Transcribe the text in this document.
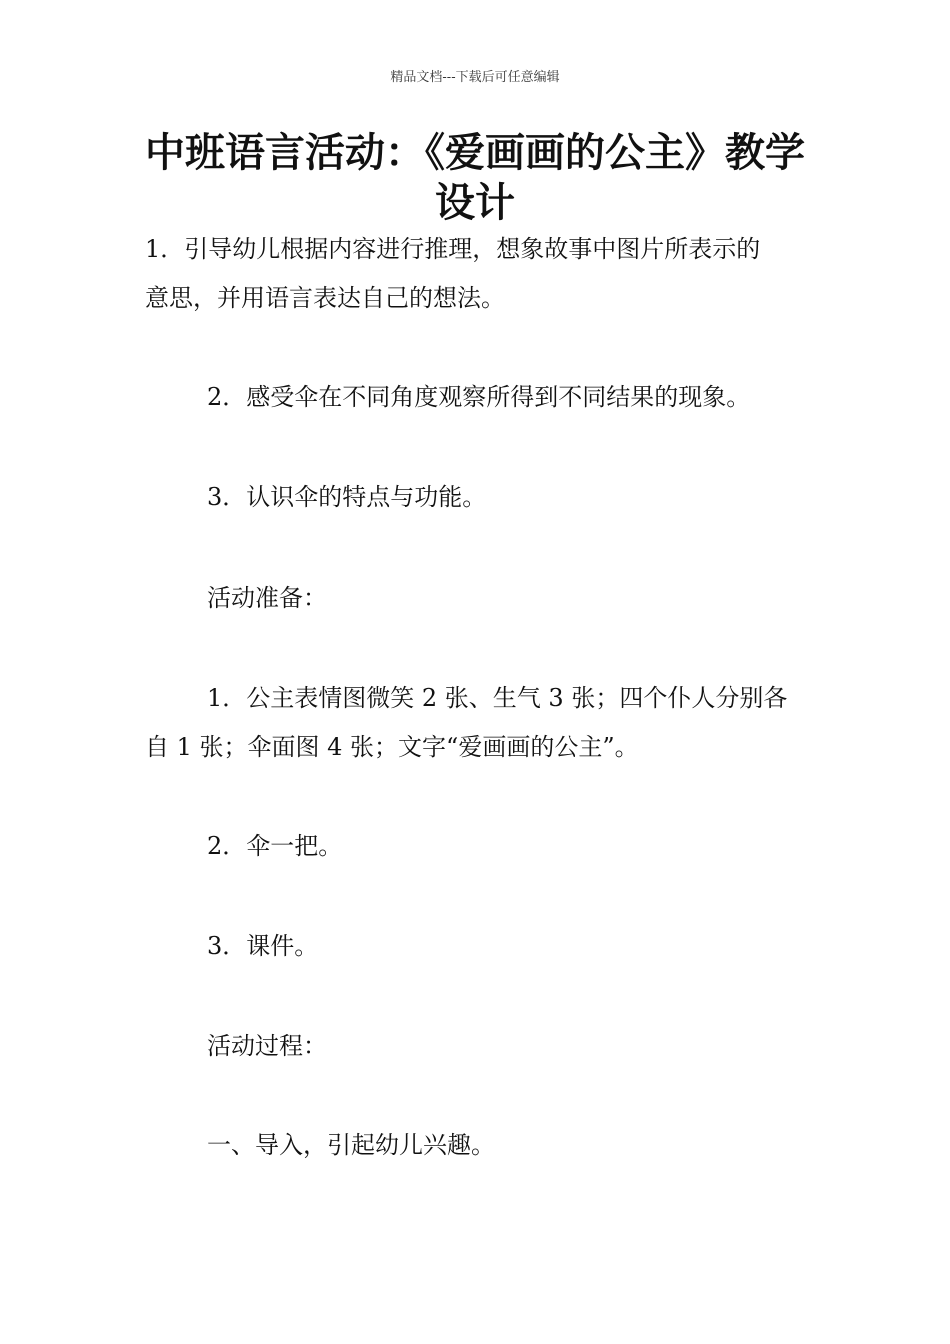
精品文档---下载后可任意编辑
中班语言活动：《爱画画的公主》教学
设计
1．引导幼儿根据内容进行推理，想象故事中图片所表示的
意思，并用语言表达自己的想法。
2．感受伞在不同角度观察所得到不同结果的现象。
3．认识伞的特点与功能。
活动准备：
1．公主表情图微笑 2 张、生气 3 张；四个仆人分别各
自 1 张；伞面图 4 张；文字“爱画画的公主”。
2．伞一把。
3．课件。
活动过程：
一、导入，引起幼儿兴趣。
